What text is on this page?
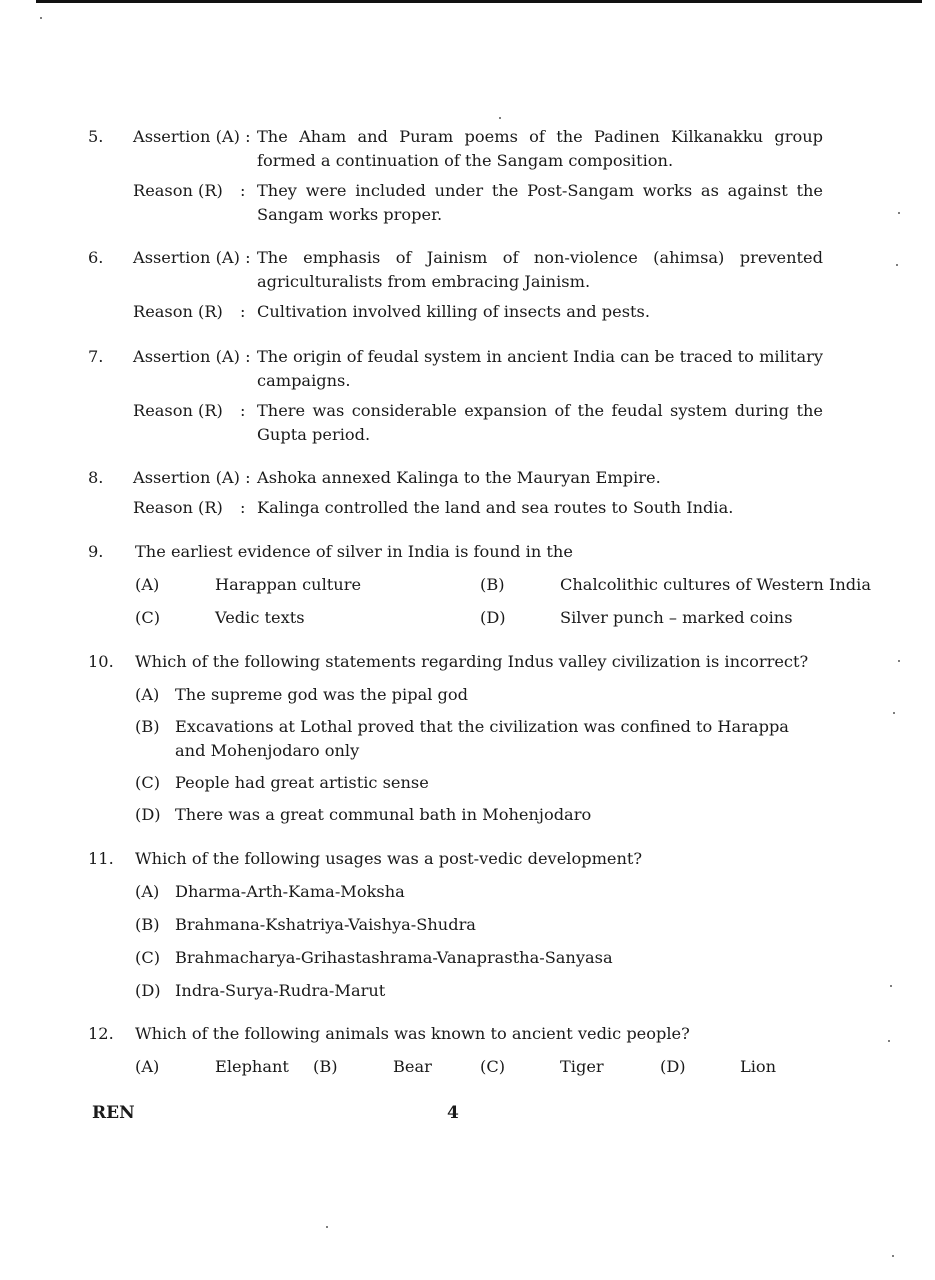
5. Assertion (A) : The Aham and Puram poems of the Padinen Kilkanakku group formed a continuation of the Sangam composition.
Reason (R) : They were included under the Post-Sangam works as against the Sangam works proper.
6. Assertion (A) : The emphasis of Jainism of non-violence (ahimsa) prevented agriculturalists from embracing Jainism.
Reason (R) : Cultivation involved killing of insects and pests.
7. Assertion (A) : The origin of feudal system in ancient India can be traced to military campaigns.
Reason (R) : There was considerable expansion of the feudal system during the Gupta period.
8. Assertion (A) : Ashoka annexed Kalinga to the Mauryan Empire.
Reason (R) : Kalinga controlled the land and sea routes to South India.
9. The earliest evidence of silver in India is found in the
(A)	Harappan culture	(B)	Chalcolithic cultures of Western India
(C)	Vedic texts	(D)	Silver punch – marked coins
10. Which of the following statements regarding Indus valley civilization is incorrect?
(A) The supreme god was the pipal god
(B) Excavations at Lothal proved that the civilization was confined to Harappa and Mohenjodaro only
(C) People had great artistic sense
(D) There was a great communal bath in Mohenjodaro
11. Which of the following usages was a post-vedic development?
(A) Dharma-Arth-Kama-Moksha
(B) Brahmana-Kshatriya-Vaishya-Shudra
(C) Brahmacharya-Grihastashrama-Vanaprastha-Sanyasa
(D) Indra-Surya-Rudra-Marut
12. Which of the following animals was known to ancient vedic people?
(A)	Elephant (B)	Bear	(C)	Tiger	(D)	Lion
REN	4
